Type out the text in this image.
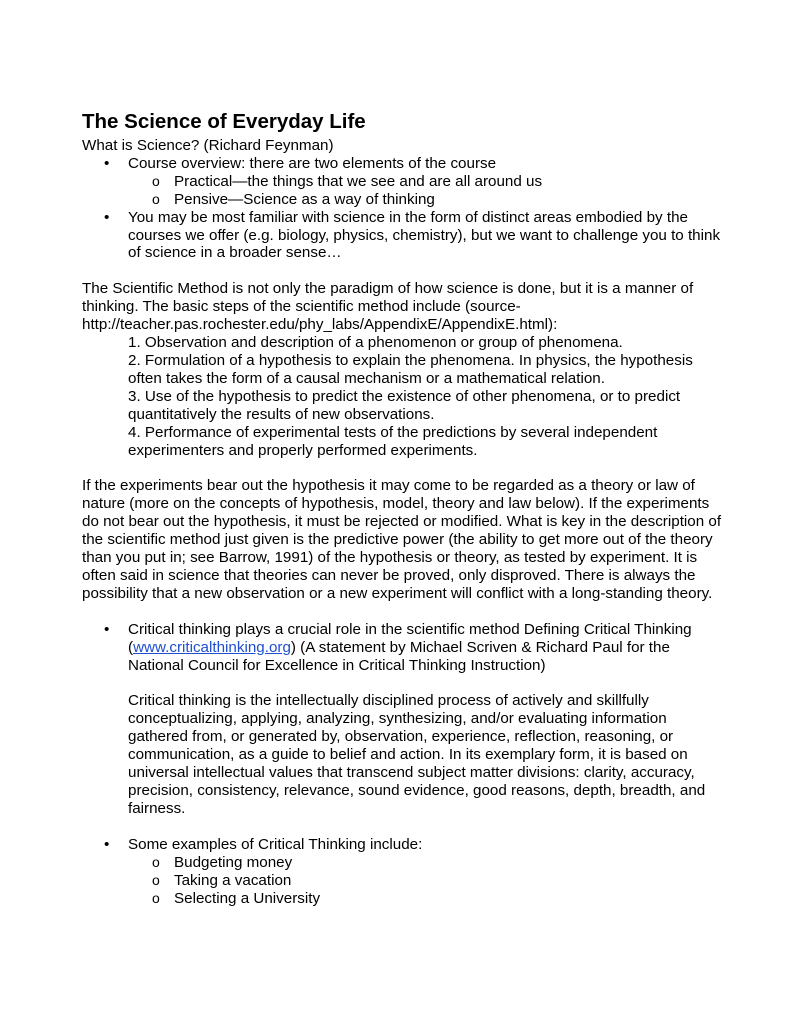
The Science of Everyday Life

What is Science? (Richard Feynman)

• Course overview: there are two elements of the course
o Practical—the things that we see and are all around us
o Pensive—Science as a way of thinking
• You may be most familiar with science in the form of distinct areas embodied by the courses we offer (e.g. biology, physics, chemistry), but we want to challenge you to think of science in a broader sense…

The Scientific Method is not only the paradigm of how science is done, but it is a manner of thinking. The basic steps of the scientific method include (source- http://teacher.pas.rochester.edu/phy_labs/AppendixE/AppendixE.html):

1. Observation and description of a phenomenon or group of phenomena.

2. Formulation of a hypothesis to explain the phenomena. In physics, the hypothesis often takes the form of a causal mechanism or a mathematical relation.

3. Use of the hypothesis to predict the existence of other phenomena, or to predict quantitatively the results of new observations.

4. Performance of experimental tests of the predictions by several independent experimenters and properly performed experiments.

If the experiments bear out the hypothesis it may come to be regarded as a theory or law of nature (more on the concepts of hypothesis, model, theory and law below). If the experiments do not bear out the hypothesis, it must be rejected or modified. What is key in the description of the scientific method just given is the predictive power (the ability to get more out of the theory than you put in; see Barrow, 1991) of the hypothesis or theory, as tested by experiment. It is often said in science that theories can never be proved, only disproved. There is always the possibility that a new observation or a new experiment will conflict with a long-standing theory.

• Critical thinking plays a crucial role in the scientific method Defining Critical Thinking (www.criticalthinking.org) (A statement by Michael Scriven & Richard Paul for the National Council for Excellence in Critical Thinking Instruction)

Critical thinking is the intellectually disciplined process of actively and skillfully conceptualizing, applying, analyzing, synthesizing, and/or evaluating information gathered from, or generated by, observation, experience, reflection, reasoning, or communication, as a guide to belief and action. In its exemplary form, it is based on universal intellectual values that transcend subject matter divisions: clarity, accuracy, precision, consistency, relevance, sound evidence, good reasons, depth, breadth, and fairness.

• Some examples of Critical Thinking include:
o Budgeting money
o Taking a vacation
o Selecting a University
